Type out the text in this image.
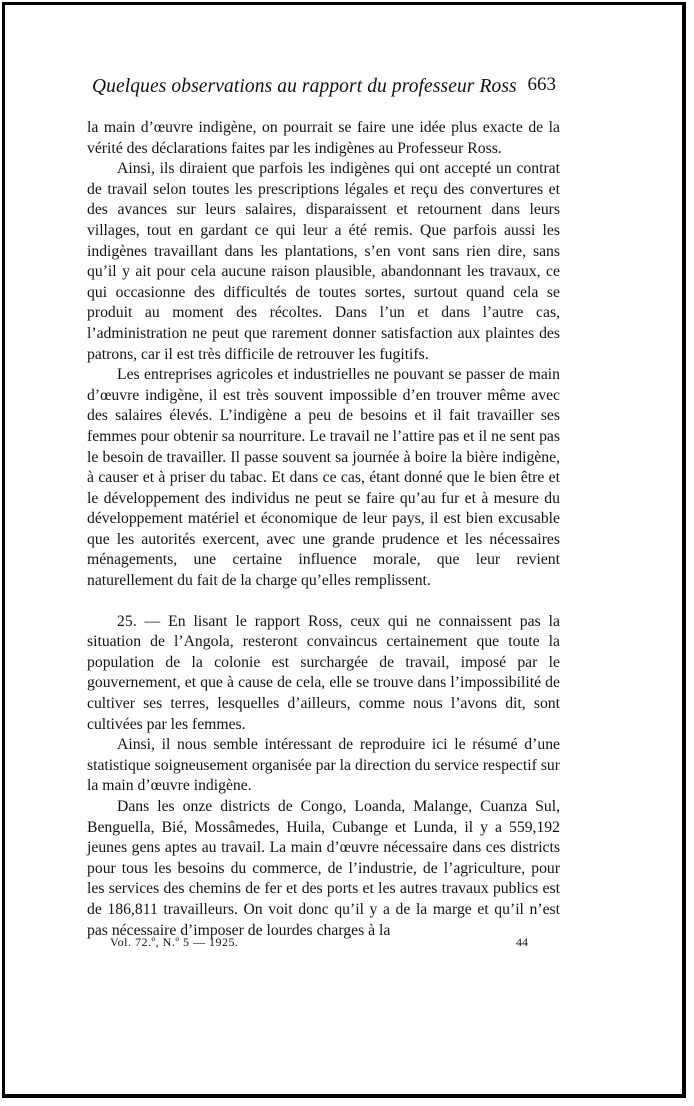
Quelques observations au rapport du professeur Ross 663

la main d’œuvre indigène, on pourrait se faire une idée plus exacte de la vérité des déclarations faites par les indigènes au Professeur Ross.

Ainsi, ils diraient que parfois les indigènes qui ont accepté un contrat de travail selon toutes les prescriptions légales et reçu des convertures et des avances sur leurs salaires, disparaissent et retournent dans leurs villages, tout en gardant ce qui leur a été remis. Que parfois aussi les indigènes travaillant dans les plantations, s’en vont sans rien dire, sans qu’il y ait pour cela aucune raison plausible, abandonnant les travaux, ce qui occasionne des difficultés de toutes sortes, surtout quand cela se produit au moment des récoltes. Dans l’un et dans l’autre cas, l’administration ne peut que rarement donner satisfaction aux plaintes des patrons, car il est très difficile de retrouver les fugitifs.

Les entreprises agricoles et industrielles ne pouvant se passer de main d’œuvre indigène, il est très souvent impossible d’en trouver même avec des salaires élevés. L’indigène a peu de besoins et il fait travailler ses femmes pour obtenir sa nourriture. Le travail ne l’attire pas et il ne sent pas le besoin de travailler. Il passe souvent sa journée à boire la bière indigène, à causer et à priser du tabac. Et dans ce cas, étant donné que le bien être et le développement des individus ne peut se faire qu’au fur et à mesure du développement matériel et économique de leur pays, il est bien excusable que les autorités exercent, avec une grande prudence et les nécessaires ménagements, une certaine influence morale, que leur revient naturellement du fait de la charge qu’elles remplissent.

25. — En lisant le rapport Ross, ceux qui ne connaissent pas la situation de l’Angola, resteront convaincus certainement que toute la population de la colonie est surchargée de travail, imposé par le gouvernement, et que à cause de cela, elle se trouve dans l’impossibilité de cultiver ses terres, lesquelles d’ailleurs, comme nous l’avons dit, sont cultivées par les femmes.

Ainsi, il nous semble intéressant de reproduire ici le résumé d’une statistique soigneusement organisée par la direction du service respectif sur la main d’œuvre indigène.

Dans les onze districts de Congo, Loanda, Malange, Cuanza Sul, Benguella, Bié, Mossâmedes, Huila, Cubange et Lunda, il y a 559,192 jeunes gens aptes au travail. La main d’œuvre nécessaire dans ces districts pour tous les besoins du commerce, de l’industrie, de l’agriculture, pour les services des chemins de fer et des ports et les autres travaux publics est de 186,811 travailleurs. On voit donc qu’il y a de la marge et qu’il n’est pas nécessaire d’imposer de lourdes charges à la

Vol. 72.º, N.º 5 — 1925.	44
